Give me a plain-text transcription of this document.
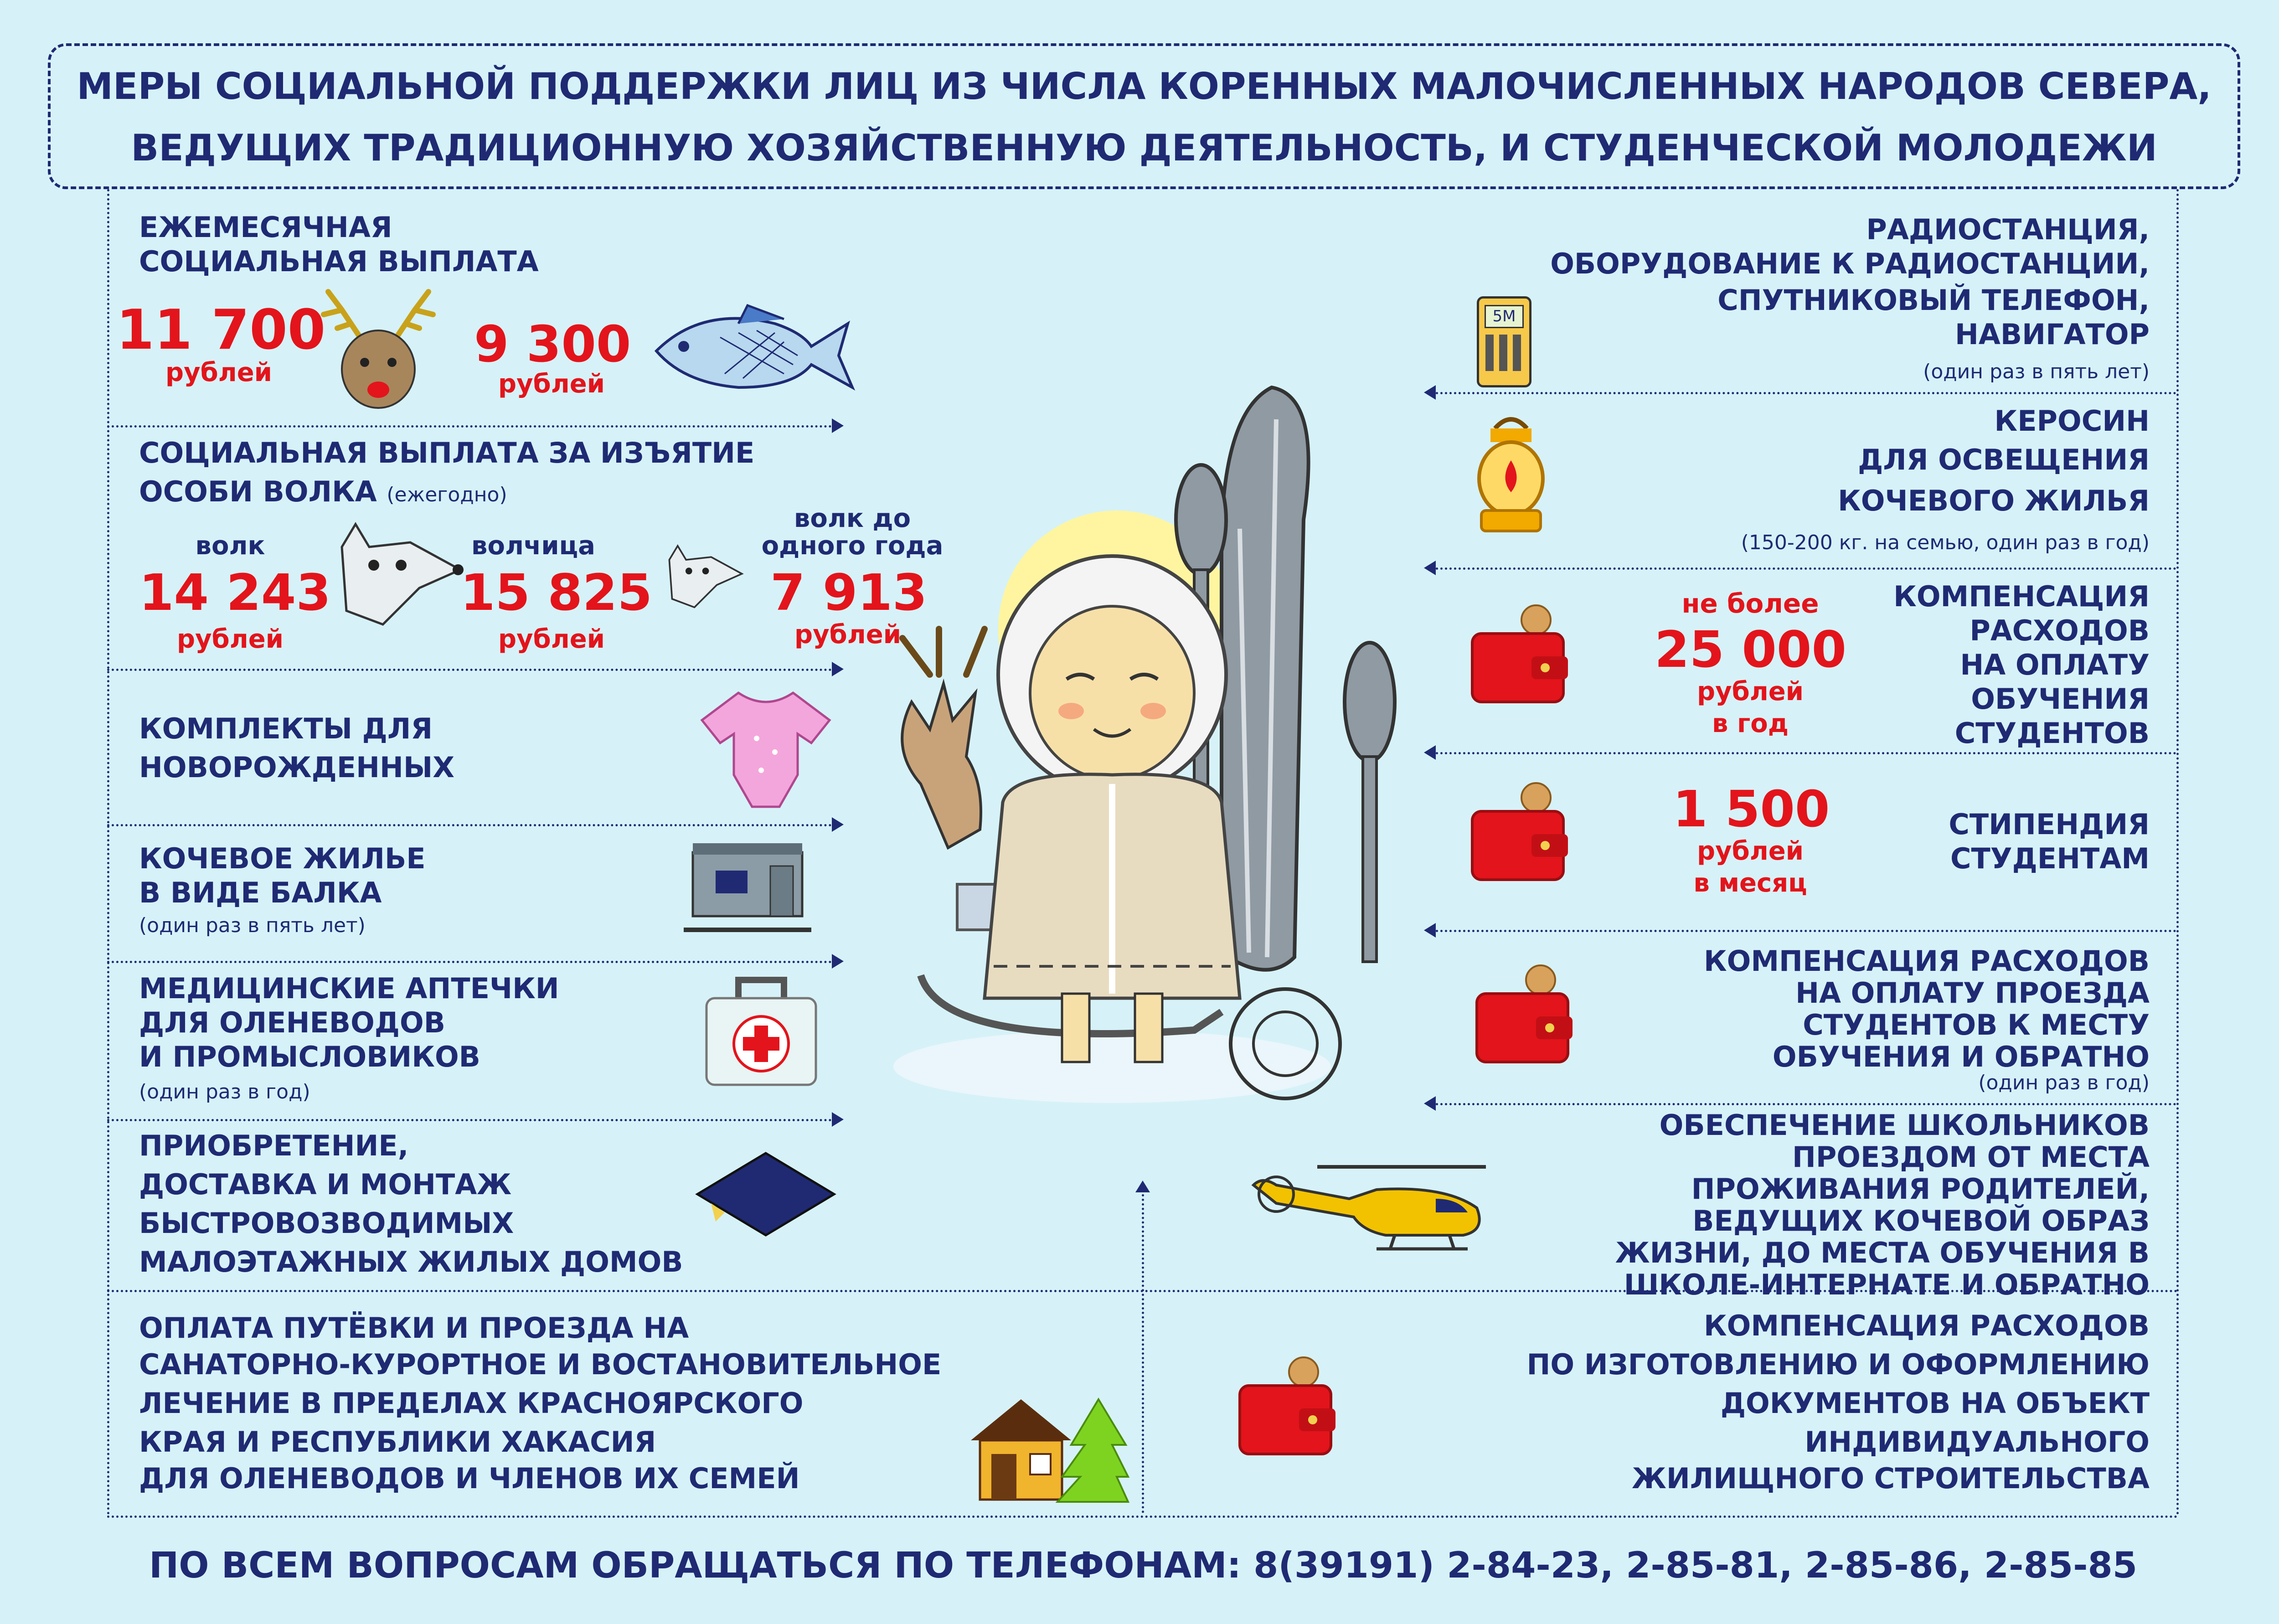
МЕРЫ СОЦИАЛЬНОЙ ПОДДЕРЖКИ ЛИЦ ИЗ ЧИСЛА КОРЕННЫХ МАЛОЧИСЛЕННЫХ НАРОДОВ СЕВЕРА,
ВЕДУЩИХ ТРАДИЦИОННУЮ ХОЗЯЙСТВЕННУЮ ДЕЯТЕЛЬНОСТЬ, И СТУДЕНЧЕСКОЙ МОЛОДЕЖИ
ЕЖЕМЕСЯЧНАЯ
СОЦИАЛЬНАЯ ВЫПЛАТА
11 700
рублей	9 300
рублей
СОЦИАЛЬНАЯ ВЫПЛАТА ЗА ИЗЪЯТИЕ
ОСОБИ ВОЛКА (ежегодно)
волк
14 243
рублей
волчица
15 825
рублей
волк до
одного года
7 913
рублей
КОМПЛЕКТЫ ДЛЯ
НОВОРОЖДЕННЫХ
КОЧЕВОЕ ЖИЛЬЕ
В ВИДЕ БАЛКА
(один раз в пять лет)
МЕДИЦИНСКИЕ АПТЕЧКИ
ДЛЯ ОЛЕНЕВОДОВ
И ПРОМЫСЛОВИКОВ
(один раз в год)
ПРИОБРЕТЕНИЕ,
ДОСТАВКА И МОНТАЖ
БЫСТРОВОЗВОДИМЫХ
МАЛОЭТАЖНЫХ ЖИЛЫХ ДОМОВ
ОПЛАТА ПУТЁВКИ И ПРОЕЗДА НА
САНАТОРНО-КУРОРТНОЕ И ВОСТАНОВИТЕЛЬНОЕ
ЛЕЧЕНИЕ В ПРЕДЕЛАХ КРАСНОЯРСКОГО
КРАЯ И РЕСПУБЛИКИ ХАКАСИЯ
ДЛЯ ОЛЕНЕВОДОВ И ЧЛЕНОВ ИХ СЕМЕЙ
РАДИОСТАНЦИЯ,
ОБОРУДОВАНИЕ К РАДИОСТАНЦИИ,
СПУТНИКОВЫЙ ТЕЛЕФОН,
НАВИГАТОР
(один раз в пять лет)
5M
КЕРОСИН
ДЛЯ ОСВЕЩЕНИЯ
КОЧЕВОГО ЖИЛЬЯ
(150-200 кг. на семью, один раз в год)
не более
25 000
рублей
в год
КОМПЕНСАЦИЯ
РАСХОДОВ
НА ОПЛАТУ
ОБУЧЕНИЯ
СТУДЕНТОВ
1 500
рублей
в месяц
СТИПЕНДИЯ
СТУДЕНТАМ
КОМПЕНСАЦИЯ РАСХОДОВ
НА ОПЛАТУ ПРОЕЗДА
СТУДЕНТОВ К МЕСТУ
ОБУЧЕНИЯ И ОБРАТНО
(один раз в год)
ОБЕСПЕЧЕНИЕ ШКОЛЬНИКОВ
ПРОЕЗДОМ ОТ МЕСТА
ПРОЖИВАНИЯ РОДИТЕЛЕЙ,
ВЕДУЩИХ КОЧЕВОЙ ОБРАЗ
ЖИЗНИ, ДО МЕСТА ОБУЧЕНИЯ В
ШКОЛЕ-ИНТЕРНАТЕ И ОБРАТНО
КОМПЕНСАЦИЯ РАСХОДОВ
ПО ИЗГОТОВЛЕНИЮ И ОФОРМЛЕНИЮ
ДОКУМЕНТОВ НА ОБЪЕКТ
ИНДИВИДУАЛЬНОГО
ЖИЛИЩНОГО СТРОИТЕЛЬСТВА
ПО ВСЕМ ВОПРОСАМ ОБРАЩАТЬСЯ ПО ТЕЛЕФОНАМ: 8(39191) 2-84-23, 2-85-81, 2-85-86, 2-85-85
